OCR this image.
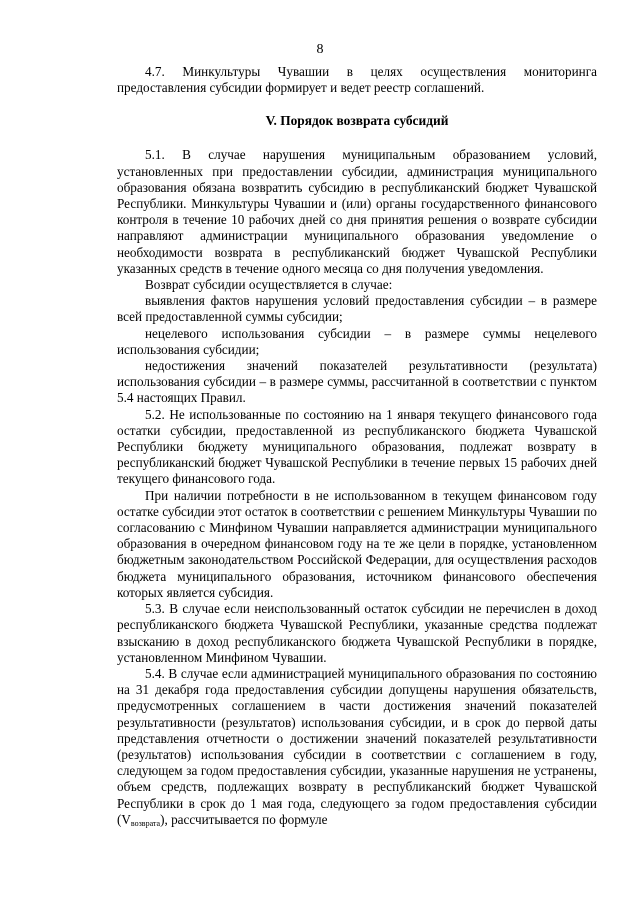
8

4.7. Минкультуры Чувашии в целях осуществления мониторинга предоставления субсидии формирует и ведет реестр соглашений.

V. Порядок возврата субсидий

5.1. В случае нарушения муниципальным образованием условий, установленных при предоставлении субсидии, администрация муниципального образования обязана возвратить субсидию в республиканский бюджет Чувашской Республики. Минкультуры Чувашии и (или) органы государственного финансового контроля в течение 10 рабочих дней со дня принятия решения о возврате субсидии направляют администрации муниципального образования уведомление о необходимости возврата в республиканский бюджет Чувашской Республики указанных средств в течение одного месяца со дня получения уведомления.

Возврат субсидии осуществляется в случае:

выявления фактов нарушения условий предоставления субсидии – в размере всей предоставленной суммы субсидии;

нецелевого использования субсидии – в размере суммы нецелевого использования субсидии;

недостижения значений показателей результативности (результата) использования субсидии – в размере суммы, рассчитанной в соответствии с пунктом 5.4 настоящих Правил.

5.2. Не использованные по состоянию на 1 января текущего финансового года остатки субсидии, предоставленной из республиканского бюджета Чувашской Республики бюджету муниципального образования, подлежат возврату в республиканский бюджет Чувашской Республики в течение первых 15 рабочих дней текущего финансового года.

При наличии потребности в не использованном в текущем финансовом году остатке субсидии этот остаток в соответствии с решением Минкультуры Чувашии по согласованию с Минфином Чувашии направляется администрации муниципального образования в очередном финансовом году на те же цели в порядке, установленном бюджетным законодательством Российской Федерации, для осуществления расходов бюджета муниципального образования, источником финансового обеспечения которых является субсидия.

5.3. В случае если неиспользованный остаток субсидии не перечислен в доход республиканского бюджета Чувашской Республики, указанные средства подлежат взысканию в доход республиканского бюджета Чувашской Республики в порядке, установленном Минфином Чувашии.

5.4. В случае если администрацией муниципального образования по состоянию на 31 декабря года предоставления субсидии допущены нарушения обязательств, предусмотренных соглашением в части достижения значений показателей результативности (результатов) использования субсидии, и в срок до первой даты представления отчетности о достижении значений показателей результативности (результатов) использования субсидии в соответствии с соглашением в году, следующем за годом предоставления субсидии, указанные нарушения не устранены, объем средств, подлежащих возврату в республиканский бюджет Чувашской Республики в срок до 1 мая года, следующего за годом предоставления субсидии $(V_{возврата})$, рассчитывается по формуле
